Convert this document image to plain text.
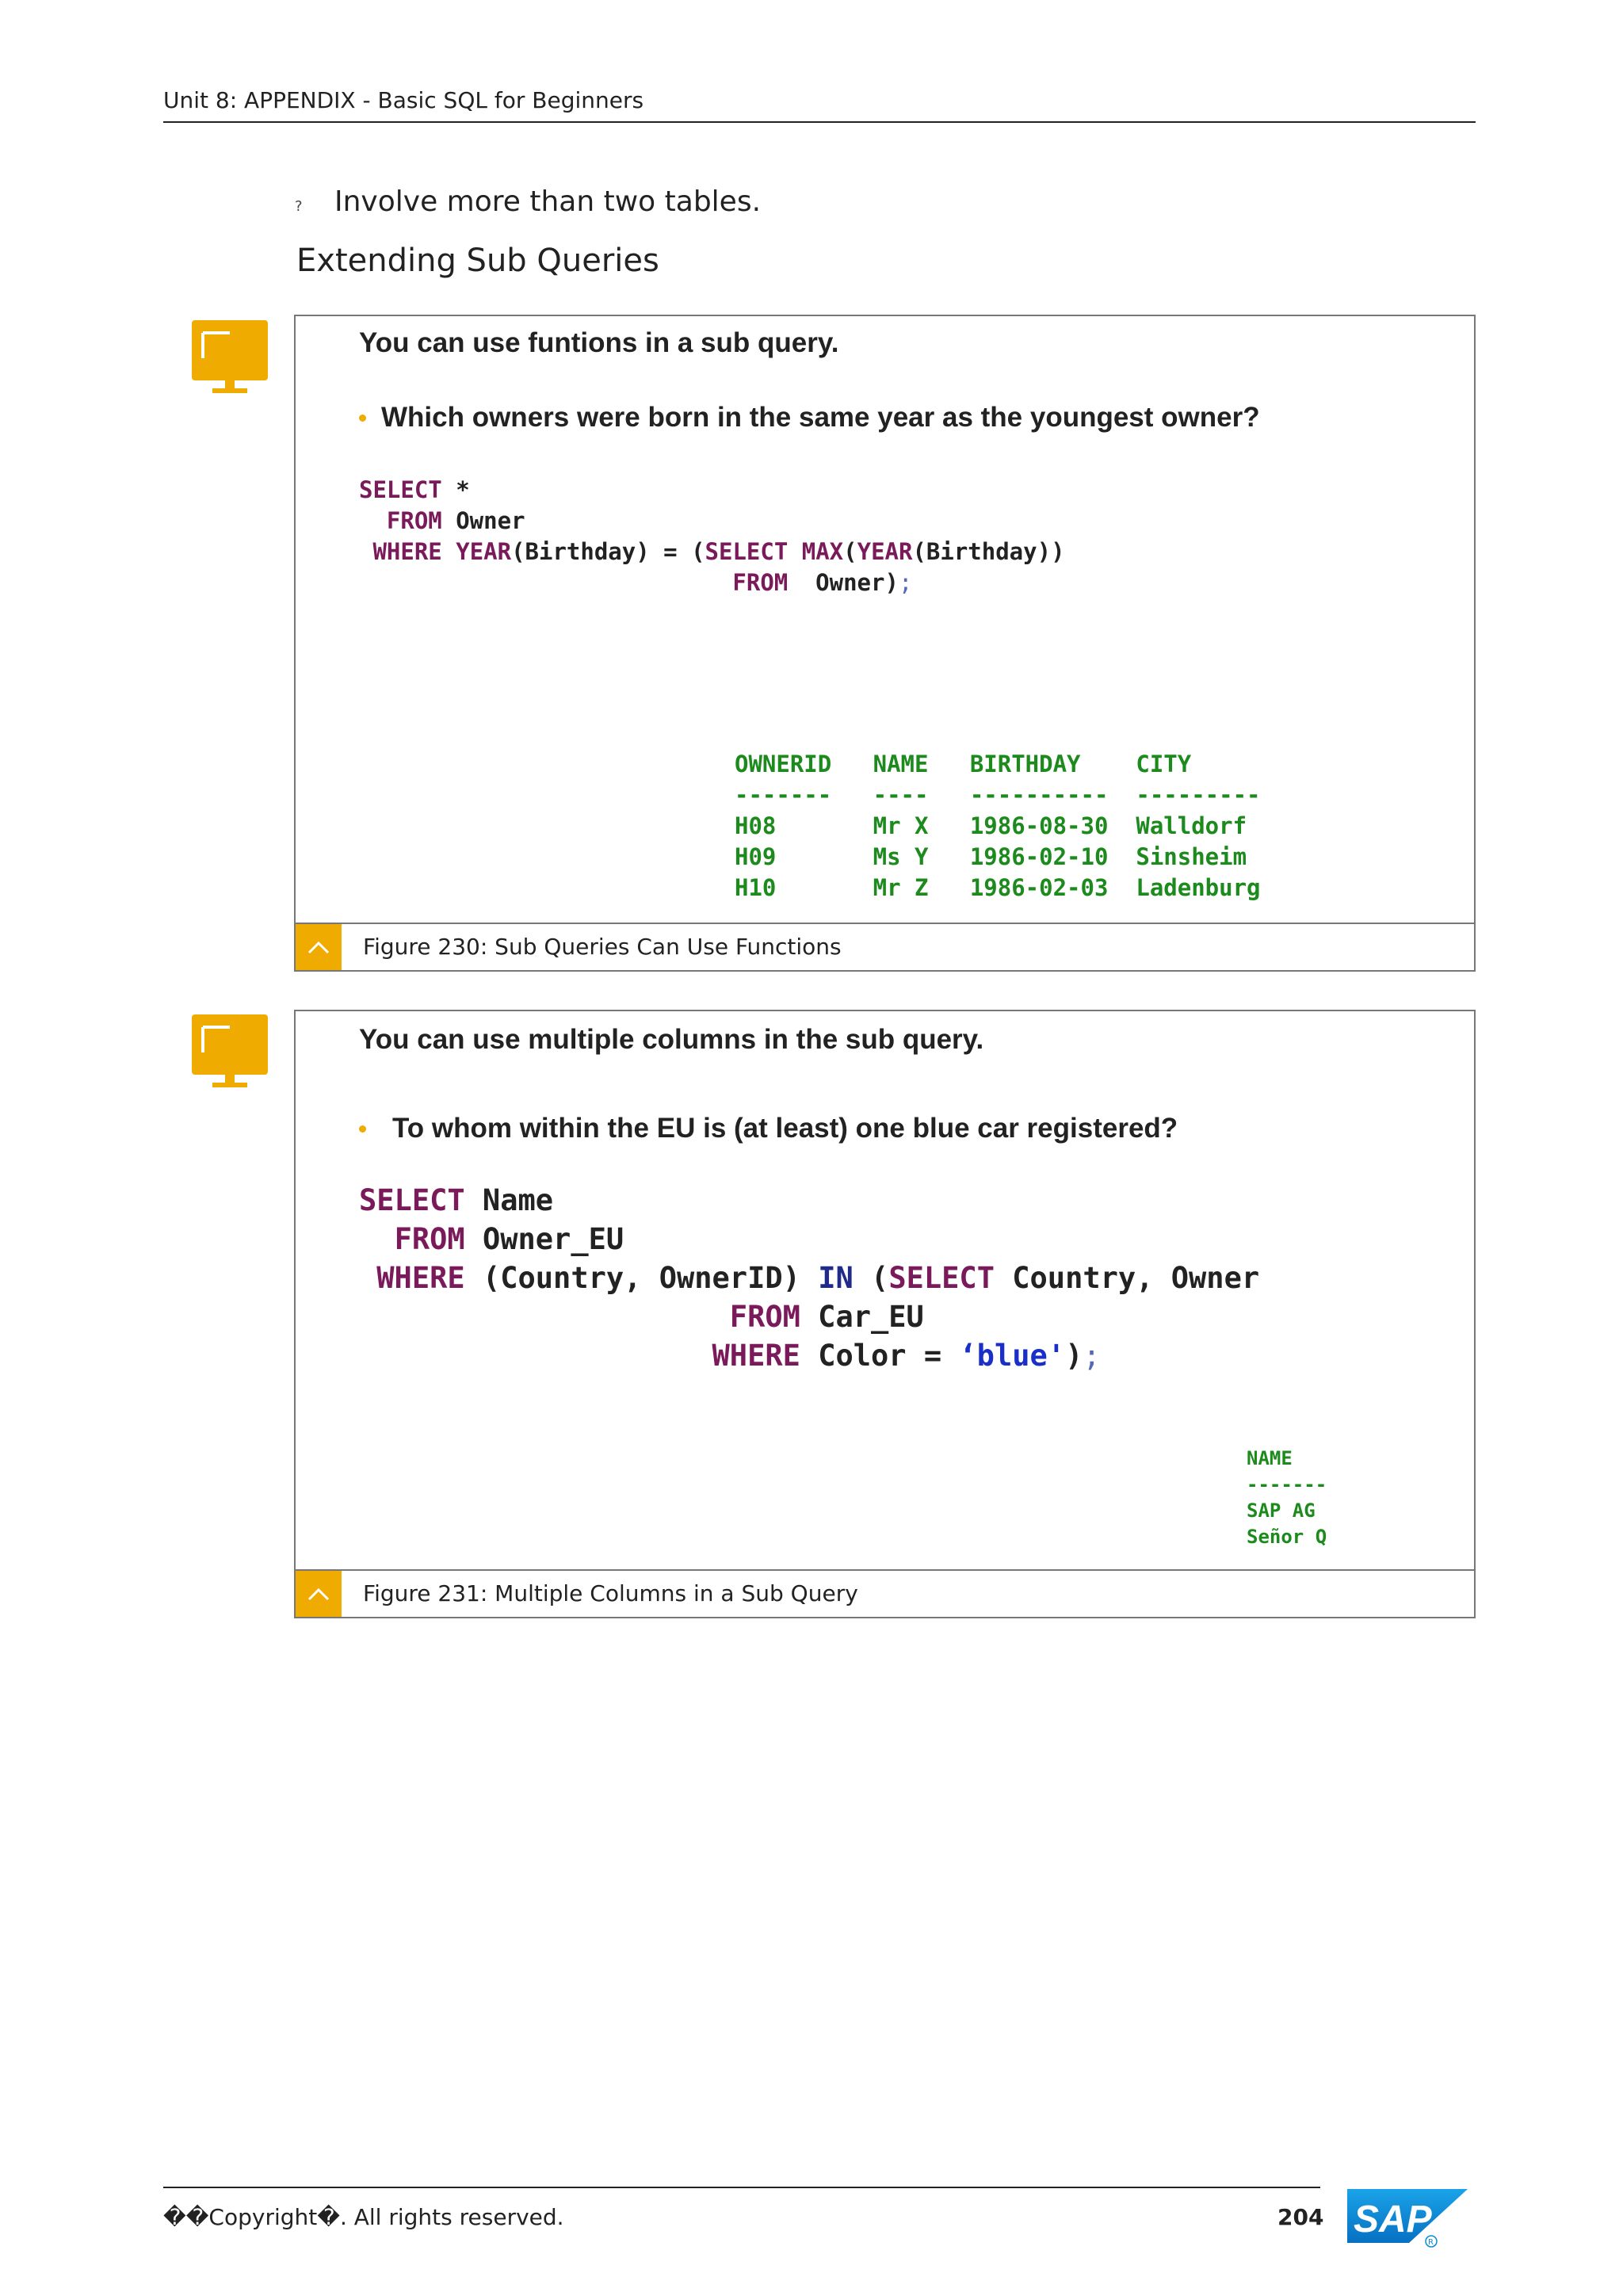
Unit 8: APPENDIX - Basic SQL for Beginners
? Involve more than two tables.
Extending Sub Queries
You can use funtions in a sub query.
Which owners were born in the same year as the youngest owner?
SELECT *
FROM Owner
WHERE YEAR(Birthday) = (SELECT MAX(YEAR(Birthday))
FROM  Owner);
OWNERID NAME BIRTHDAY CITY
------- ---- ---------- ---------
H08	Mr X 1986-08-30 Walldorf
H09	Ms Y 1986-02-10 Sinsheim
H10	Mr Z 1986-02-03 Ladenburg
Figure 230: Sub Queries Can Use Functions
You can use multiple columns in the sub query.
To whom within the EU is (at least) one blue car registered?
SELECT Name
FROM Owner_EU
WHERE (Country, OwnerID) IN (SELECT Country, Owner
FROM Car_EU
WHERE Color = ‘blue');
NAME
-------
SAP AG
Señor Q
Figure 231: Multiple Columns in a Sub Query
��Copyright�. All rights reserved.	204 SAP
R
